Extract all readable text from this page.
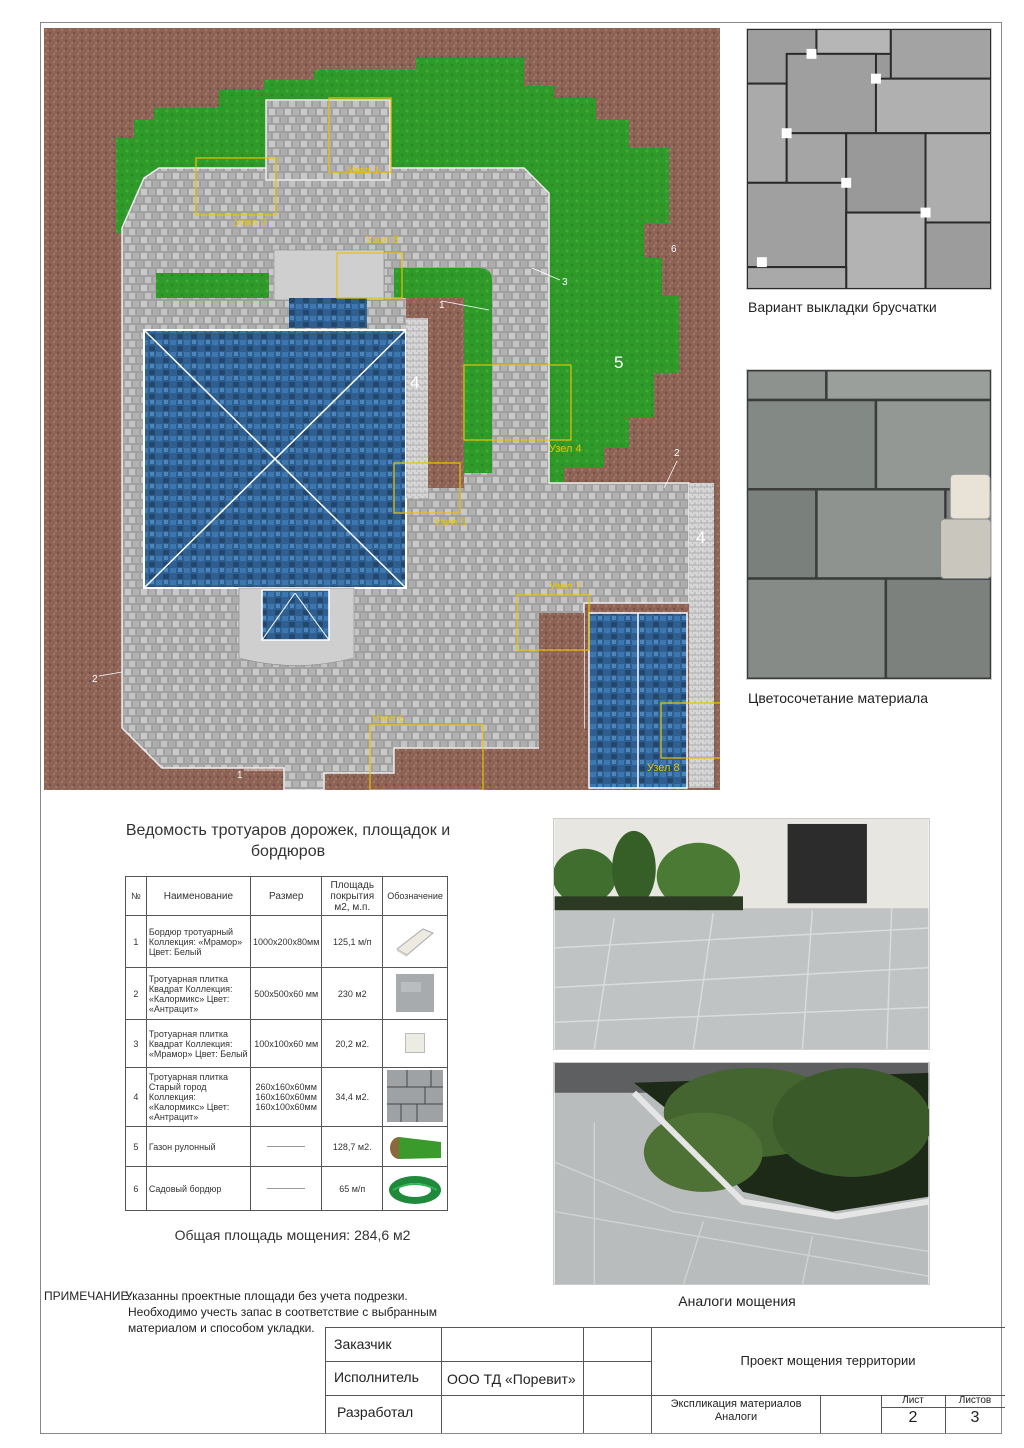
Узел 1
Узел 2
Узел 3
Узел 4
Узел 5
Узел 7
Узел 6
Узел 8
1
1
2
2
3
4
4
5
6
Вариант выкладки брусчатки
Цветосочетание материала
Аналоги мощения
Ведомость тротуаров дорожек, площадок и бордюров
№	Наименование	Размер	Площадь покрытия м2, м.п.	Обозначение
1	Бордюр тротуарный Коллекция: «Мрамор» Цвет: Белый	1000х200х80мм	125,1 м/п	
2	Тротуарная плитка Квадрат Коллекция: «Калормикс» Цвет: «Антрацит»	500х500х60 мм	230 м2	
3	Тротуарная плитка Квадрат Коллекция: «Мрамор» Цвет: Белый	100х100х60 мм	20,2 м2.	
4	Тротуарная плитка Старый город Коллекция: «Калормикс» Цвет: «Антрацит»	260х160х60мм 160х160х60мм 160х100х60мм	34,4 м2.	
5	Газон рулонный		128,7 м2.	
6	Садовый бордюр		65 м/п	
Общая площадь мощения: 284,6 м2
ПРИМЕЧАНИЕ:
Указанны проектные площади без учета подрезки.
Необходимо учесть запас в соответствие с выбранным
материалом и способом укладки.
Заказчик
Исполнитель ООО ТД «Поревит»
Разработал
Проект мощения территории
Экспликация материалов
Аналоги
Лист	Листов
2	3
